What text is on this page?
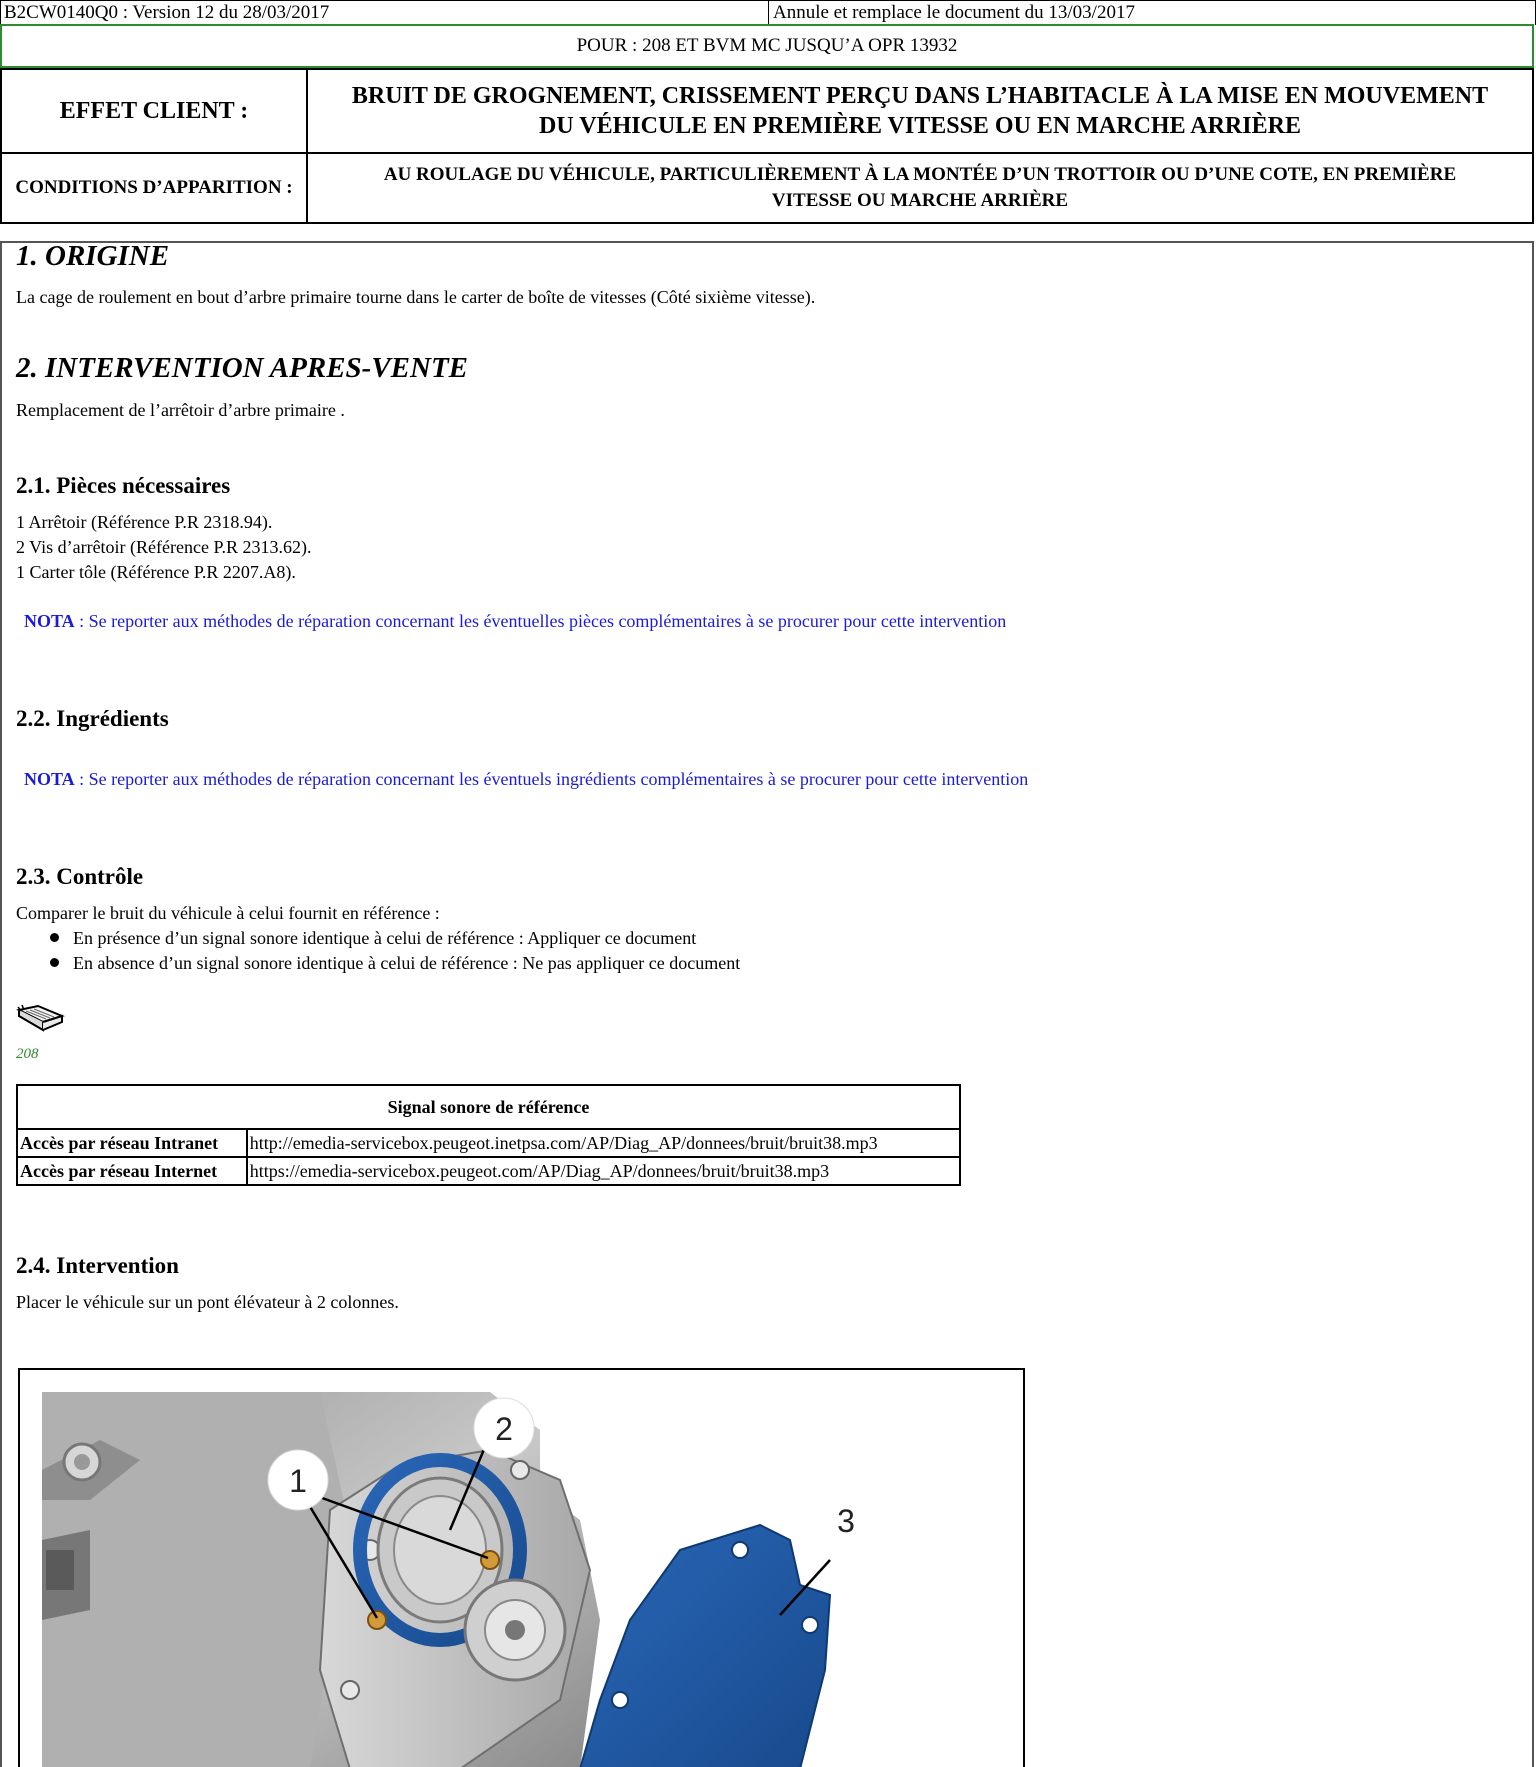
B2CW0140Q0 : Version 12 du 28/03/2017	Annule et remplace le document du 13/03/2017
POUR : 208 ET BVM MC JUSQU’A OPR 13932
EFFET CLIENT :
BRUIT DE GROGNEMENT, CRISSEMENT PERÇU DANS L’HABITACLE À LA MISE EN MOUVEMENT
DU VÉHICULE EN PREMIÈRE VITESSE OU EN MARCHE ARRIÈRE
CONDITIONS D’APPARITION :
AU ROULAGE DU VÉHICULE, PARTICULIÈREMENT À LA MONTÉE D’UN TROTTOIR OU D’UNE COTE, EN PREMIÈRE
VITESSE OU MARCHE ARRIÈRE
1. ORIGINE
La cage de roulement en bout d’arbre primaire tourne dans le carter de boîte de vitesses (Côté sixième vitesse).
2. INTERVENTION APRES-VENTE
Remplacement de l’arrêtoir d’arbre primaire .
2.1. Pièces nécessaires
1 Arrêtoir (Référence P.R 2318.94).
2 Vis d’arrêtoir (Référence P.R 2313.62).
1 Carter tôle (Référence P.R 2207.A8).
NOTA : Se reporter aux méthodes de réparation concernant les éventuelles pièces complémentaires à se procurer pour cette intervention
2.2. Ingrédients
NOTA : Se reporter aux méthodes de réparation concernant les éventuels ingrédients complémentaires à se procurer pour cette intervention
2.3. Contrôle
Comparer le bruit du véhicule à celui fournit en référence :
En présence d’un signal sonore identique à celui de référence : Appliquer ce document
En absence d’un signal sonore identique à celui de référence : Ne pas appliquer ce document
208
Signal sonore de référence	
Accès par réseau Intranet	http://emedia-servicebox.peugeot.inetpsa.com/AP/Diag_AP/donnees/bruit/bruit38.mp3
Accès par réseau Internet	https://emedia-servicebox.peugeot.com/AP/Diag_AP/donnees/bruit/bruit38.mp3
2.4. Intervention
Placer le véhicule sur un pont élévateur à 2 colonnes.
1
2
3
